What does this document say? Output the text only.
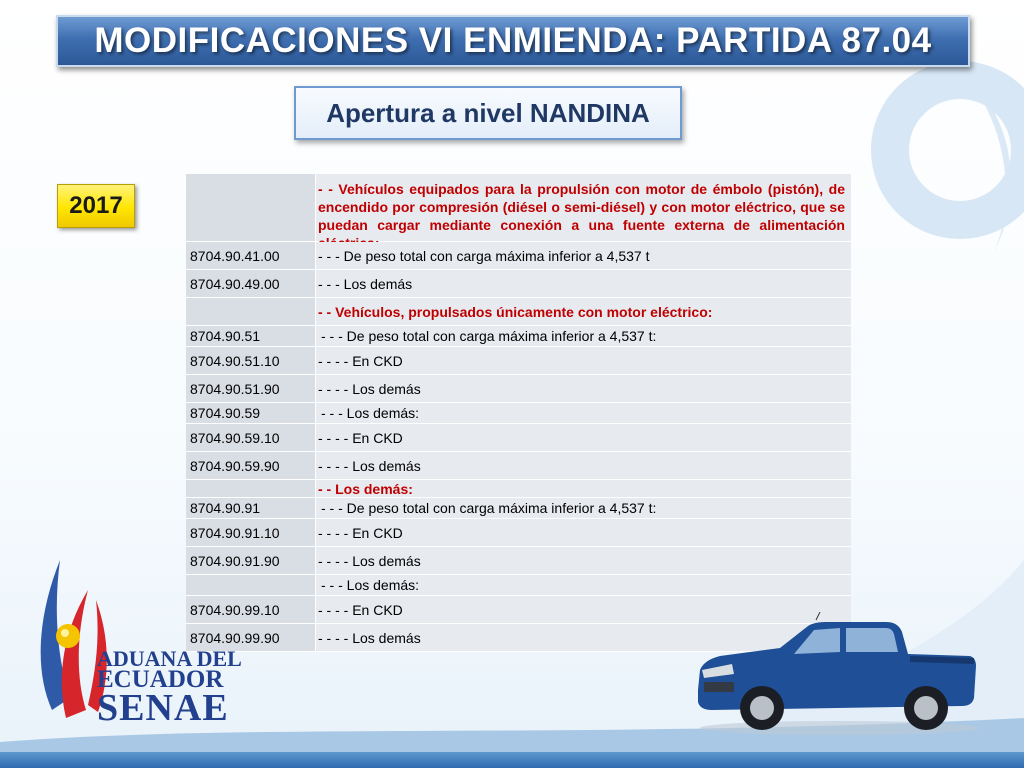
MODIFICACIONES VI ENMIENDA: PARTIDA 87.04
Apertura a nivel NANDINA
2017
- - Vehículos equipados para la propulsión con motor de émbolo (pistón), de encendido por compresión (diésel o semi-diésel) y con motor eléctrico, que se puedan cargar mediante conexión a una fuente externa de alimentación
8704.90.41.00	- - - De peso total con carga máxima inferior a 4,537 t
8704.90.49.00	- - - Los demás
- - Vehículos, propulsados únicamente con motor eléctrico:
8704.90.51	- - - De peso total con carga máxima inferior a 4,537 t:
8704.90.51.10	- - - - En CKD
8704.90.51.90	- - - - Los demás
8704.90.59	- - - Los demás:
8704.90.59.10	- - - - En CKD
8704.90.59.90	- - - - Los demás
- - Los demás:
8704.90.91	- - - De peso total con carga máxima inferior a 4,537 t:
8704.90.91.10	- - - - En CKD
8704.90.91.90	- - - - Los demás
- - - Los demás:
8704.90.99.10	- - - - En CKD
8704.90.99.90	- - - - Los demás
ADUANA DEL
ECUADOR
SENAE
